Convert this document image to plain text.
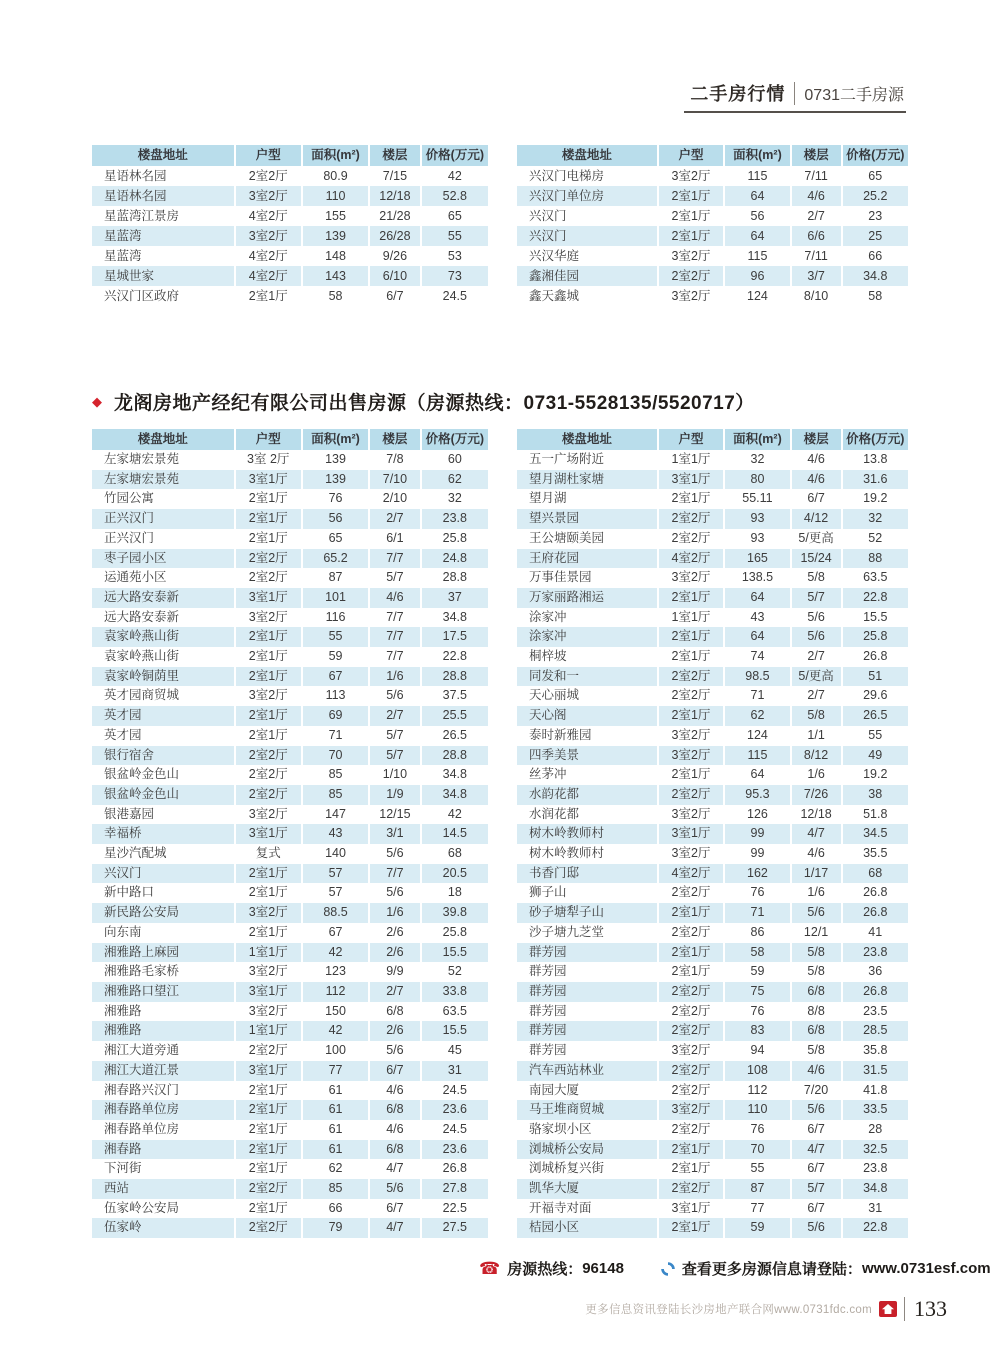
二手房行情	0731二手房源
楼盘地址	户型	面积(m²)	楼层	价格(万元)
星语林名园	2室2厅	80.9	7/15	42
星语林名园	3室2厅	110	12/18	52.8
星蓝湾江景房	4室2厅	155	21/28	65
星蓝湾	3室2厅	139	26/28	55
星蓝湾	4室2厅	148	9/26	53
星城世家	4室2厅	143	6/10	73
兴汉门区政府	2室1厅	58	6/7	24.5
楼盘地址	户型	面积(m²)	楼层	价格(万元)
兴汉门电梯房	3室2厅	115	7/11	65
兴汉门单位房	2室1厅	64	4/6	25.2
兴汉门	2室1厅	56	2/7	23
兴汉门	2室1厅	64	6/6	25
兴汉华庭	3室2厅	115	7/11	66
鑫湘佳园	2室2厅	96	3/7	34.8
鑫天鑫城	3室2厅	124	8/10	58
◆ 龙阁房地产经纪有限公司出售房源（房源热线：0731-5528135/5520717）
楼盘地址	户型	面积(m²)	楼层	价格(万元)
左家塘宏景苑	3室 2厅	139	7/8	60
左家塘宏景苑	3室1厅	139	7/10	62
竹园公寓	2室1厅	76	2/10	32
正兴汉门	2室1厅	56	2/7	23.8
正兴汉门	2室1厅	65	6/1	25.8
枣子园小区	2室2厅	65.2	7/7	24.8
运通苑小区	2室2厅	87	5/7	28.8
远大路安泰新	3室1厅	101	4/6	37
远大路安泰新	3室2厅	116	7/7	34.8
袁家岭燕山街	2室1厅	55	7/7	17.5
袁家岭燕山街	2室1厅	59	7/7	22.8
袁家岭铜荫里	2室1厅	67	1/6	28.8
英才园商贸城	3室2厅	113	5/6	37.5
英才园	2室1厅	69	2/7	25.5
英才园	2室1厅	71	5/7	26.5
银行宿舍	2室2厅	70	5/7	28.8
银盆岭金色山	2室2厅	85	1/10	34.8
银盆岭金色山	2室2厅	85	1/9	34.8
银港嘉园	3室2厅	147	12/15	42
幸福桥	3室1厅	43	3/1	14.5
星沙汽配城	复式	140	5/6	68
兴汉门	2室1厅	57	7/7	20.5
新中路口	2室1厅	57	5/6	18
新民路公安局	3室2厅	88.5	1/6	39.8
向东南	2室1厅	67	2/6	25.8
湘雅路上麻园	1室1厅	42	2/6	15.5
湘雅路毛家桥	3室2厅	123	9/9	52
湘雅路口望江	3室1厅	112	2/7	33.8
湘雅路	3室2厅	150	6/8	63.5
湘雅路	1室1厅	42	2/6	15.5
湘江大道旁通	2室2厅	100	5/6	45
湘江大道江景	3室1厅	77	6/7	31
湘春路兴汉门	2室1厅	61	4/6	24.5
湘春路单位房	2室1厅	61	6/8	23.6
湘春路单位房	2室1厅	61	4/6	24.5
湘春路	2室1厅	61	6/8	23.6
下河街	2室1厅	62	4/7	26.8
西站	2室2厅	85	5/6	27.8
伍家岭公安局	2室1厅	66	6/7	22.5
伍家岭	2室2厅	79	4/7	27.5
楼盘地址	户型	面积(m²)	楼层	价格(万元)
五一广场附近	1室1厅	32	4/6	13.8
望月湖杜家塘	3室1厅	80	4/6	31.6
望月湖	2室1厅	55.11	6/7	19.2
望兴景园	2室2厅	93	4/12	32
王公塘颐美园	2室2厅	93	5/更高	52
王府花园	4室2厅	165	15/24	88
万事佳景园	3室2厅	138.5	5/8	63.5
万家丽路湘运	2室1厅	64	5/7	22.8
涂家冲	1室1厅	43	5/6	15.5
涂家冲	2室1厅	64	5/6	25.8
桐梓坡	2室1厅	74	2/7	26.8
同发和一	2室2厅	98.5	5/更高	51
天心丽城	2室2厅	71	2/7	29.6
天心阁	2室1厅	62	5/8	26.5
泰时新雅园	3室2厅	124	1/1	55
四季美景	3室2厅	115	8/12	49
丝茅冲	2室1厅	64	1/6	19.2
水韵花都	2室2厅	95.3	7/26	38
水润花都	3室2厅	126	12/18	51.8
树木岭教师村	3室1厅	99	4/7	34.5
树木岭教师村	3室2厅	99	4/6	35.5
书香门邸	4室2厅	162	1/17	68
狮子山	2室2厅	76	1/6	26.8
砂子塘犁子山	2室1厅	71	5/6	26.8
沙子塘九芝堂	2室2厅	86	12/1	41
群芳园	2室1厅	58	5/8	23.8
群芳园	2室1厅	59	5/8	36
群芳园	2室2厅	75	6/8	26.8
群芳园	2室2厅	76	8/8	23.5
群芳园	2室2厅	83	6/8	28.5
群芳园	3室2厅	94	5/8	35.8
汽车西站林业	2室2厅	108	4/6	31.5
南园大厦	2室2厅	112	7/20	41.8
马王堆商贸城	3室2厅	110	5/6	33.5
骆家坝小区	2室2厅	76	6/7	28
浏城桥公安局	2室1厅	70	4/7	32.5
浏城桥复兴街	2室1厅	55	6/7	23.8
凯华大厦	2室2厅	87	5/7	34.8
开福寺对面	3室1厅	77	6/7	31
桔园小区	2室1厅	59	5/6	22.8
☎ 房源热线： 96148	查看更多房源信息请登陆： www.0731esf.com
更多信息资讯登陆长沙房地产联合网www.0731fdc.com 133
